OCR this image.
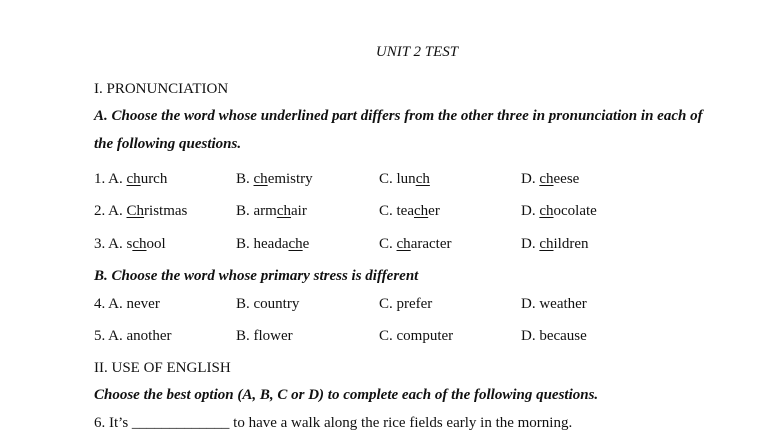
UNIT 2 TEST
I. PRONUNCIATION
A. Choose the word whose underlined part differs from the other three in pronunciation in each of
the following questions.
1. A. church	B. chemistry	C. lunch	D. cheese
2. A. Christmas	B. armchair	C. teacher	D. chocolate
3. A. school	B. headаche	C. character	D. children
B. Choose the word whose primary stress is different
4. A. never	B. country	C. prefer	D. weather
5. A. another	B. flower	C. computer	D. because
II. USE OF ENGLISH
Choose the best option (A, B, C or D) to complete each of the following questions.
6. It’s _____________ to have a walk along the rice fields early in the morning.
